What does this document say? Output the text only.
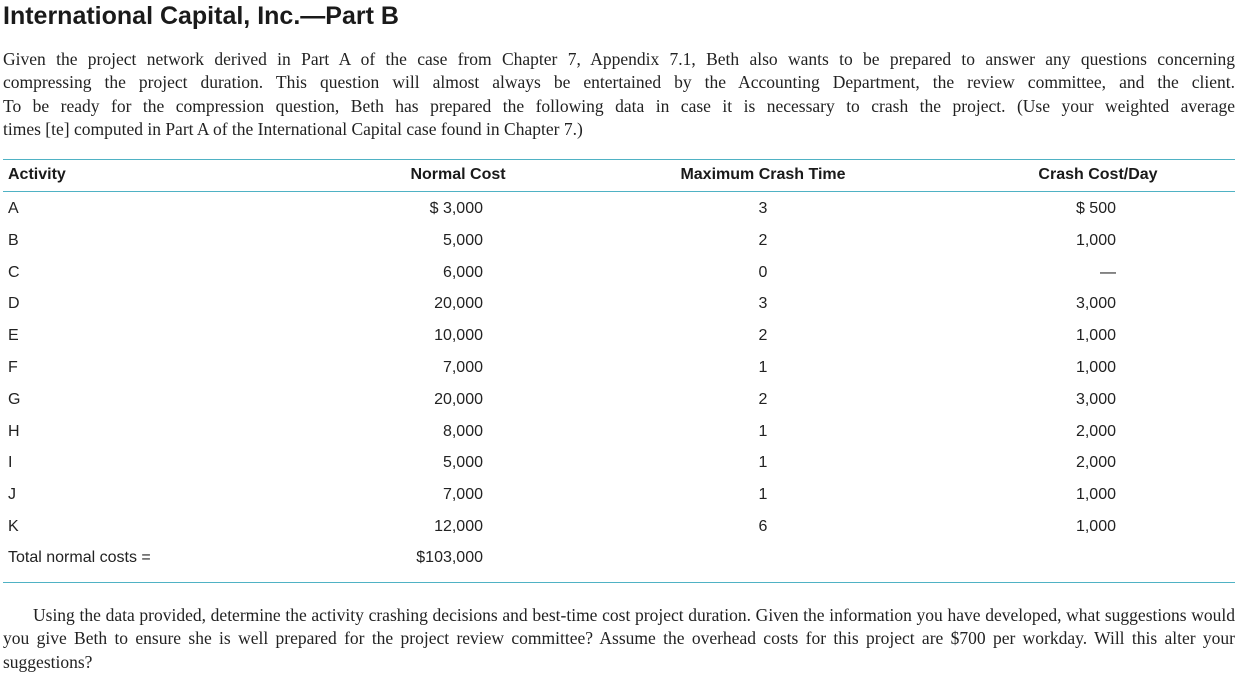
International Capital, Inc.—Part B

Given the project network derived in Part A of the case from Chapter 7, Appendix 7.1, Beth also wants to be prepared to answer any questions concerning
compressing the project duration. This question will almost always be entertained by the Accounting Department, the review committee, and the client.
To be ready for the compression question, Beth has prepared the following data in case it is necessary to crash the project. (Use your weighted average
times [te] computed in Part A of the International Capital case found in Chapter 7.)

Activity	Normal Cost	Maximum Crash Time	Crash Cost/Day
A	$ 3,000	3	$ 500
B	5,000	2	1,000
C	6,000	0	—
D	20,000	3	3,000
E	10,000	2	1,000
F	7,000	1	1,000
G	20,000	2	3,000
H	8,000	1	2,000
I	5,000	1	2,000
J	7,000	1	1,000
K	12,000	6	1,000
Total normal costs =	$103,000

Using the data provided, determine the activity crashing decisions and best-time cost project duration. Given the information you have developed, what suggestions would you give Beth to ensure she is well prepared for the project review committee? Assume the overhead costs for this project are $700 per workday. Will this alter your suggestions?
